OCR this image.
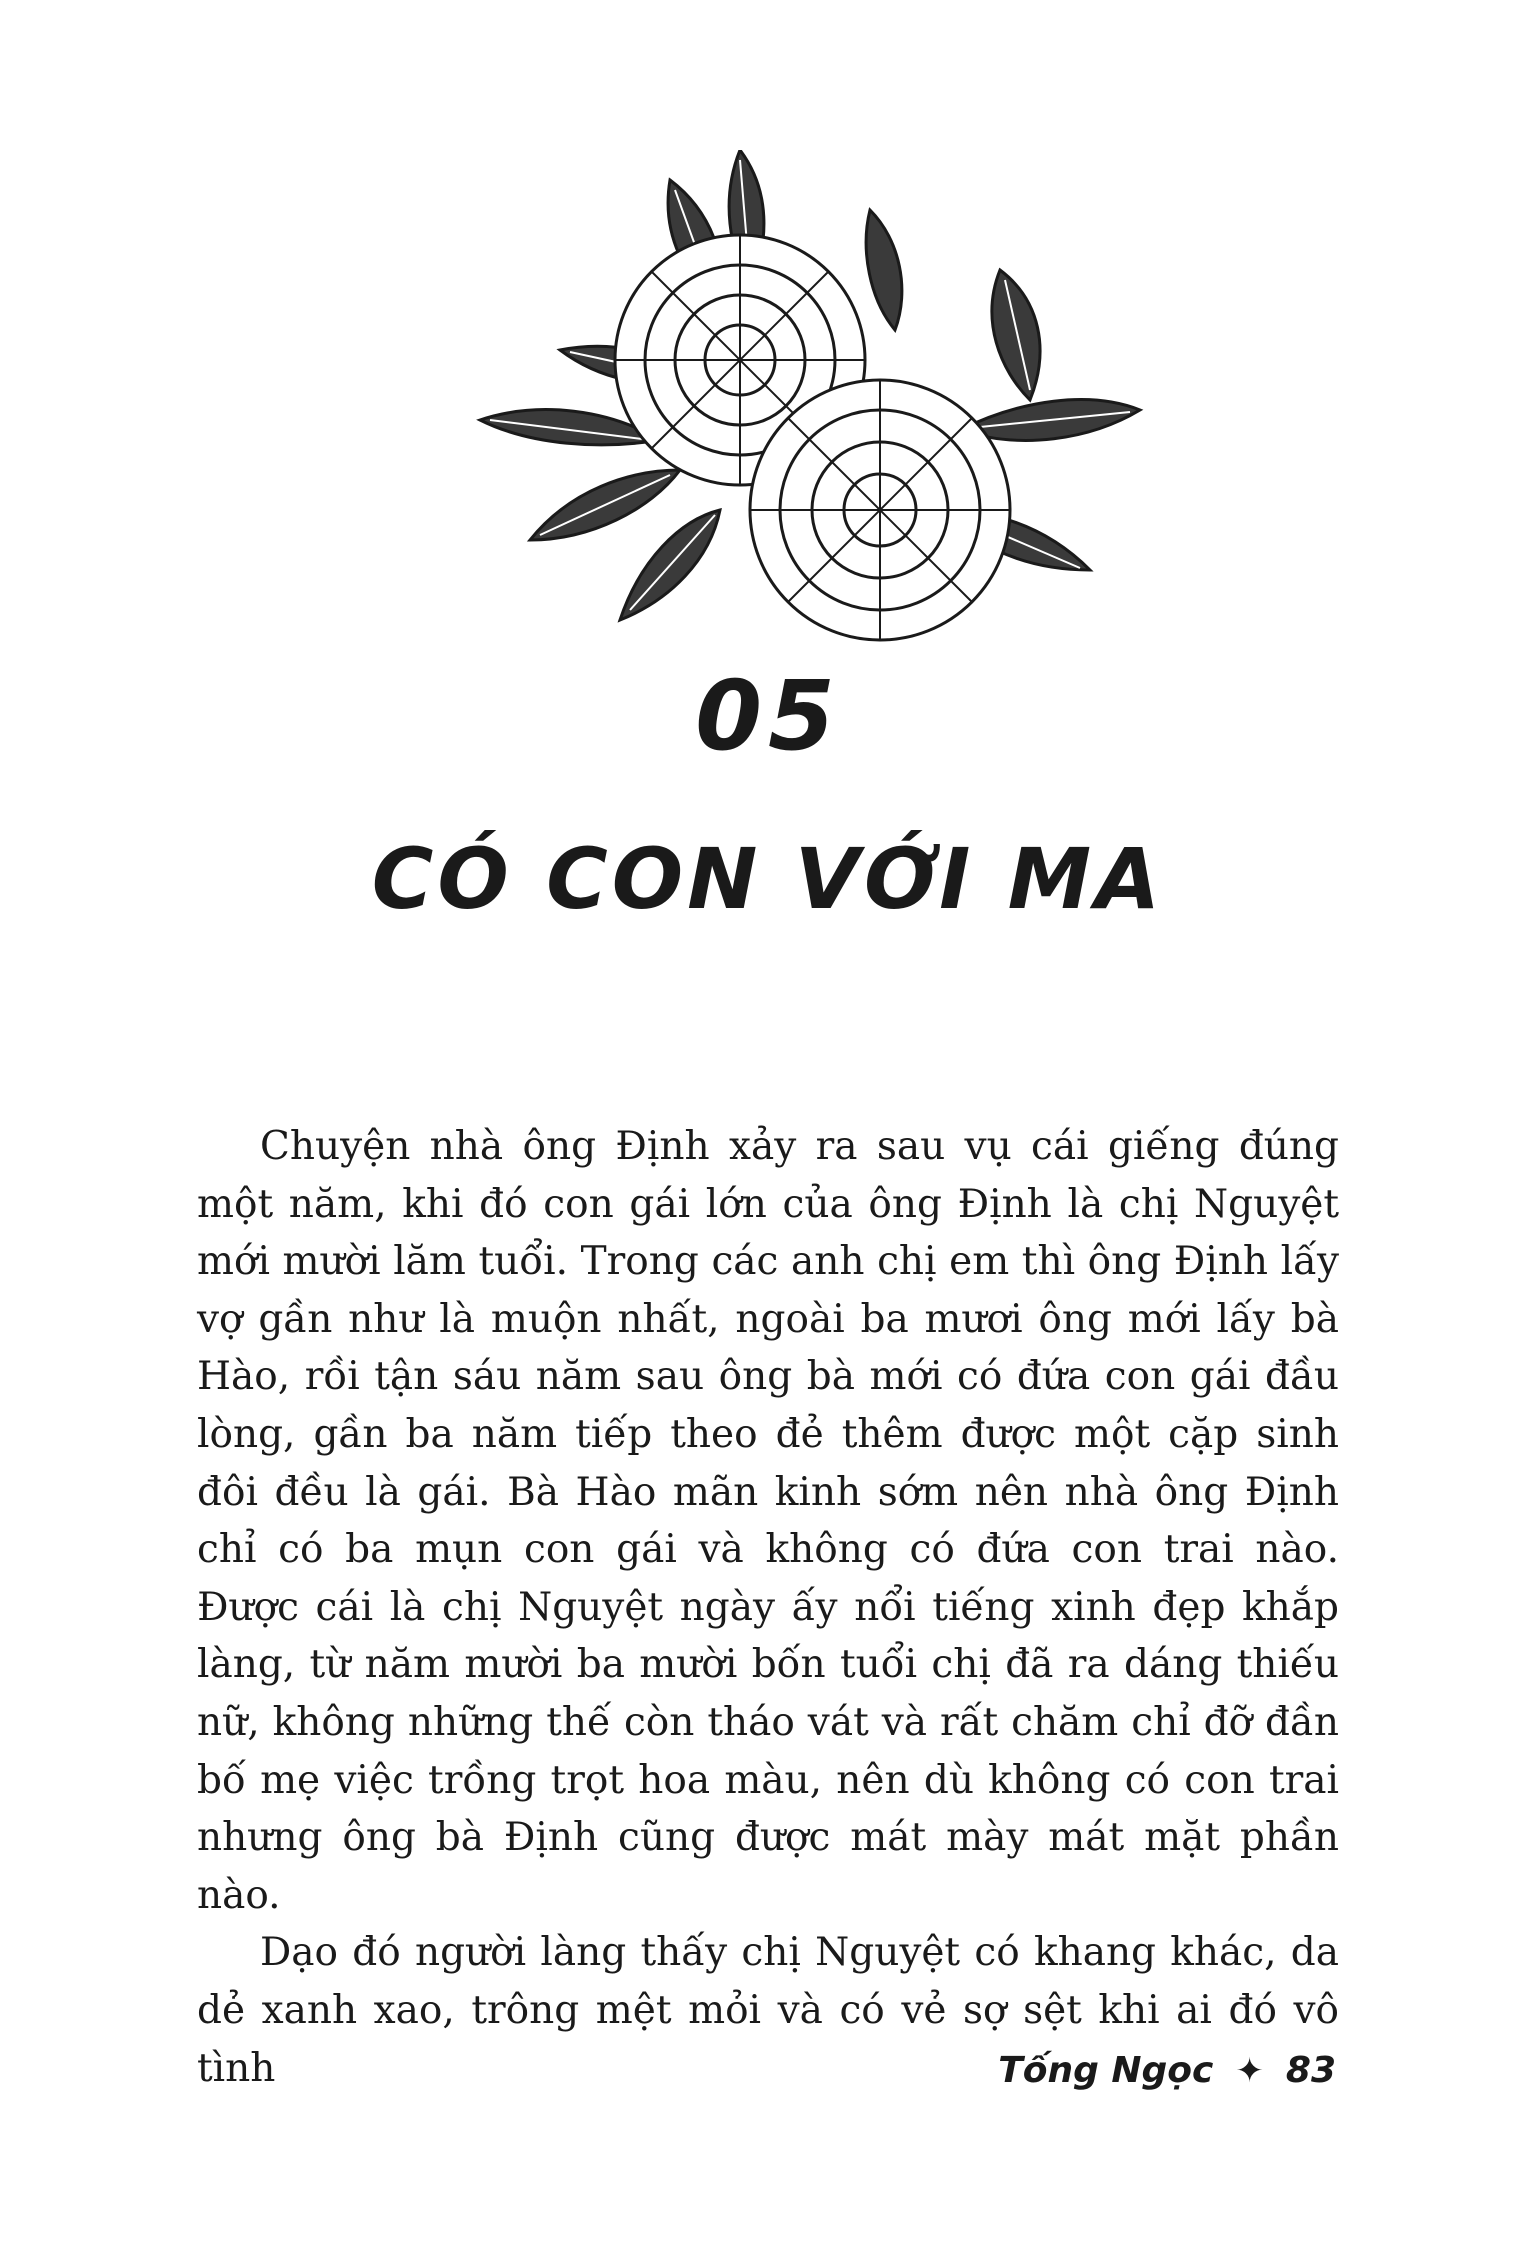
05
CÓ CON VỚI MA

Chuyện nhà ông Định xảy ra sau vụ cái giếng đúng một năm, khi đó con gái lớn của ông Định là chị Nguyệt mới mười lăm tuổi. Trong các anh chị em thì ông Định lấy vợ gần như là muộn nhất, ngoài ba mươi ông mới lấy bà Hào, rồi tận sáu năm sau ông bà mới có đứa con gái đầu lòng, gần ba năm tiếp theo đẻ thêm được một cặp sinh đôi đều là gái. Bà Hào mãn kinh sớm nên nhà ông Định chỉ có ba mụn con gái và không có đứa con trai nào. Được cái là chị Nguyệt ngày ấy nổi tiếng xinh đẹp khắp làng, từ năm mười ba mười bốn tuổi chị đã ra dáng thiếu nữ, không những thế còn tháo vát và rất chăm chỉ đỡ đần bố mẹ việc trồng trọt hoa màu, nên dù không có con trai nhưng ông bà Định cũng được mát mày mát mặt phần nào.

Dạo đó người làng thấy chị Nguyệt có khang khác, da dẻ xanh xao, trông mệt mỏi và có vẻ sợ sệt khi ai đó vô tình	Tống Ngọc ✦ 83
